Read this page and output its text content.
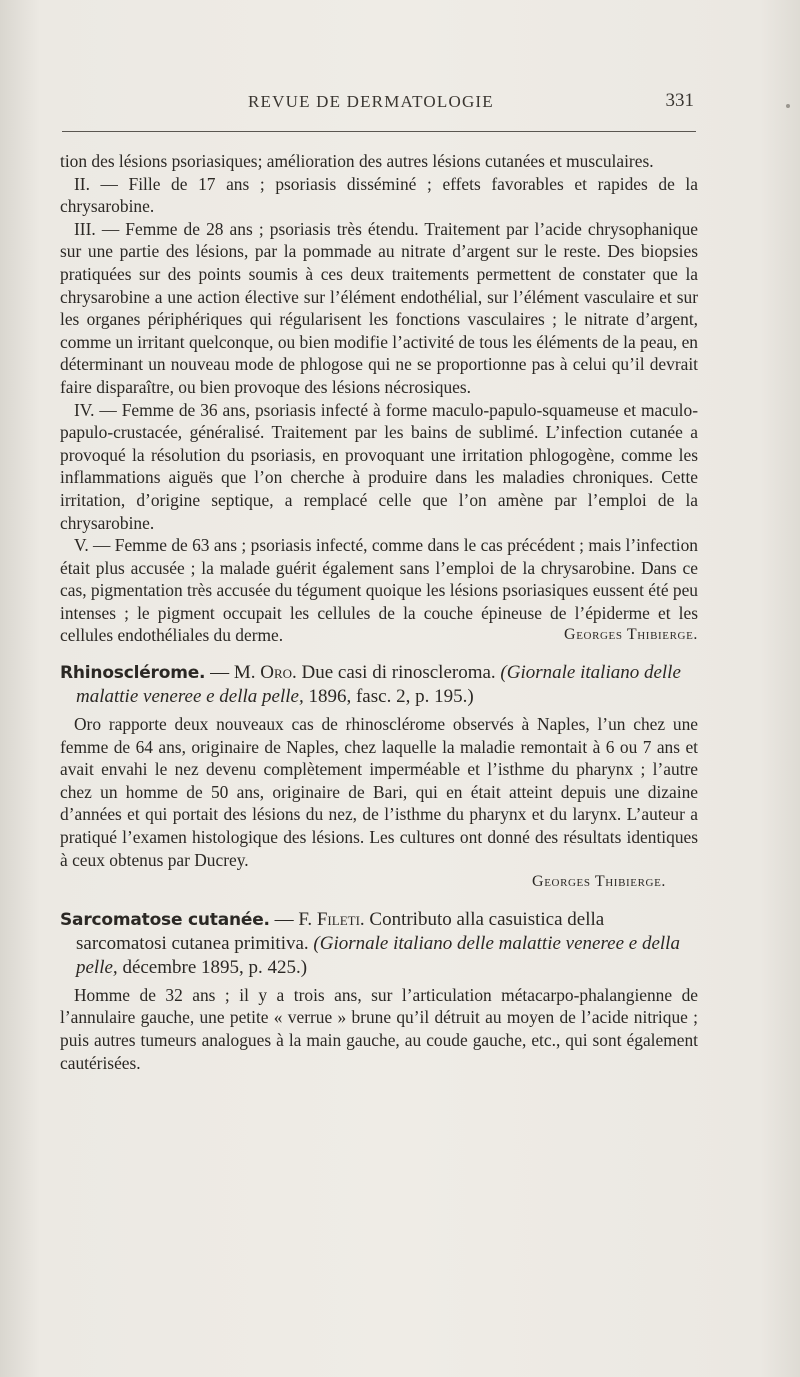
REVUE DE DERMATOLOGIE	331

tion des lésions psoriasiques; amélioration des autres lésions cutanées et musculaires.

II. — Fille de 17 ans ; psoriasis disséminé ; effets favorables et rapides de la chrysarobine.

III. — Femme de 28 ans ; psoriasis très étendu. Traitement par l’acide chrysophanique sur une partie des lésions, par la pommade au nitrate d’argent sur le reste. Des biopsies pratiquées sur des points soumis à ces deux traitements permettent de constater que la chrysarobine a une action élective sur l’élément endothélial, sur l’élément vasculaire et sur les organes périphériques qui régularisent les fonctions vasculaires ; le nitrate d’argent, comme un irritant quelconque, ou bien modifie l’activité de tous les éléments de la peau, en déterminant un nouveau mode de phlogose qui ne se proportionne pas à celui qu’il devrait faire disparaître, ou bien provoque des lésions nécrosiques.

IV. — Femme de 36 ans, psoriasis infecté à forme maculo-papulo-squameuse et maculo-papulo-crustacée, généralisé. Traitement par les bains de sublimé. L’infection cutanée a provoqué la résolution du psoriasis, en provoquant une irritation phlogogène, comme les inflammations aiguës que l’on cherche à produire dans les maladies chroniques. Cette irritation, d’origine septique, a remplacé celle que l’on amène par l’emploi de la chrysarobine.

V. — Femme de 63 ans ; psoriasis infecté, comme dans le cas précédent ; mais l’infection était plus accusée ; la malade guérit également sans l’emploi de la chrysarobine. Dans ce cas, pigmentation très accusée du tégument quoique les lésions psoriasiques eussent été peu intenses ; le pigment occupait les cellules de la couche épineuse de l’épiderme et les cellules endothéliales du derme.	Georges Thibierge.

Rhinosclérome. — M. Oro. Due casi di rinoscleroma. (Giornale italiano delle malattie veneree e della pelle, 1896, fasc. 2, p. 195.)

Oro rapporte deux nouveaux cas de rhinosclérome observés à Naples, l’un chez une femme de 64 ans, originaire de Naples, chez laquelle la maladie remontait à 6 ou 7 ans et avait envahi le nez devenu complètement imperméable et l’isthme du pharynx ; l’autre chez un homme de 50 ans, originaire de Bari, qui en était atteint depuis une dizaine d’années et qui portait des lésions du nez, de l’isthme du pharynx et du larynx. L’auteur a pratiqué l’examen histologique des lésions. Les cultures ont donné des résultats identiques à ceux obtenus par Ducrey.

Georges Thibierge.

Sarcomatose cutanée. — F. Fileti. Contributo alla casuistica della sarcomatosi cutanea primitiva. (Giornale italiano delle malattie veneree e della pelle, décembre 1895, p. 425.)

Homme de 32 ans ; il y a trois ans, sur l’articulation métacarpo-phalangienne de l’annulaire gauche, une petite « verrue » brune qu’il détruit au moyen de l’acide nitrique ; puis autres tumeurs analogues à la main gauche, au coude gauche, etc., qui sont également cautérisées.
